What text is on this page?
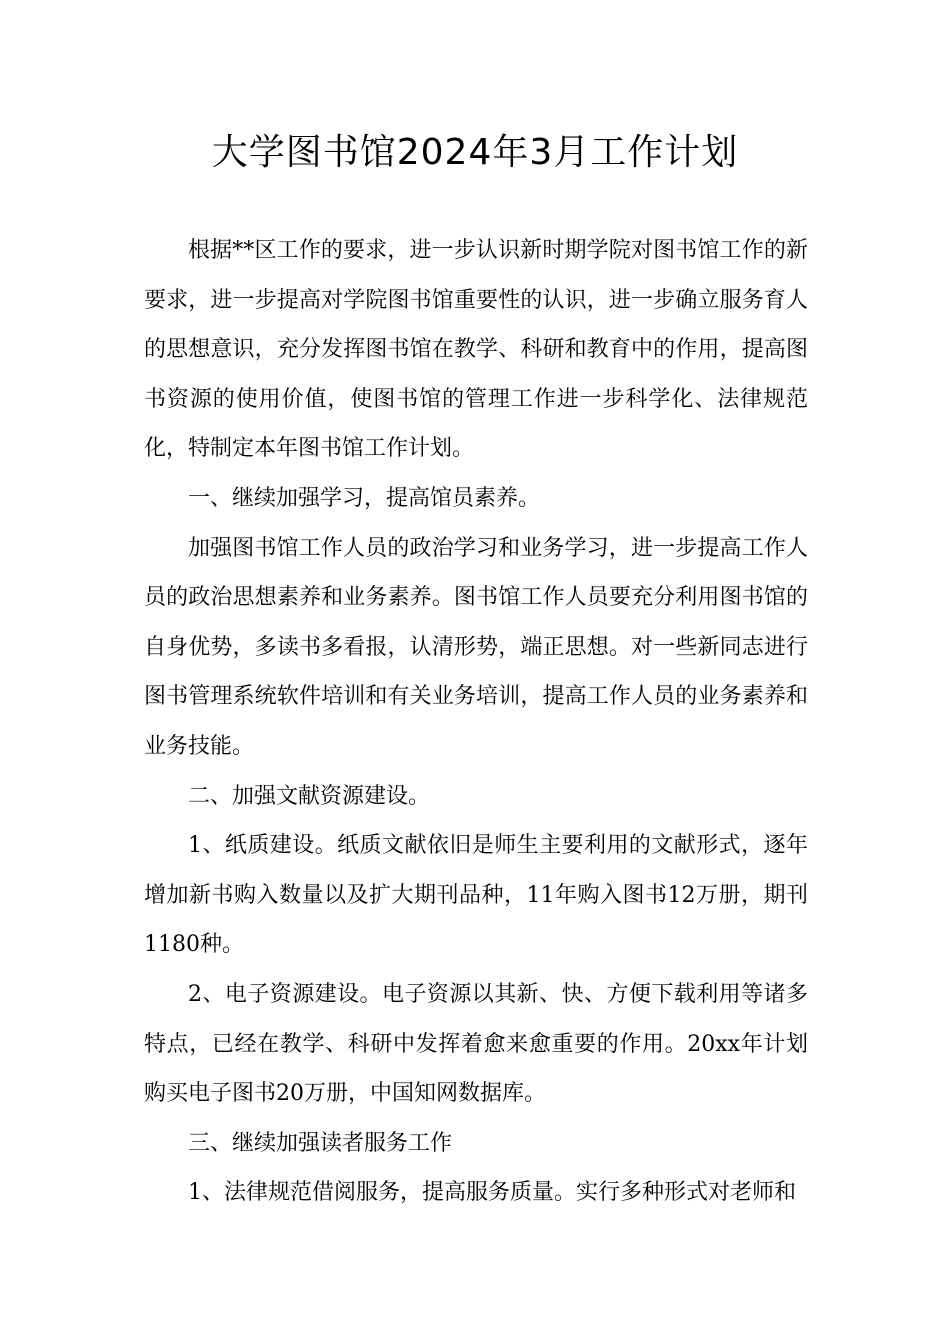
大学图书馆2024年3月工作计划

根据**区工作的要求，进一步认识新时期学院对图书馆工作的新要求，进一步提高对学院图书馆重要性的认识，进一步确立服务育人的思想意识，充分发挥图书馆在教学、科研和教育中的作用，提高图书资源的使用价值，使图书馆的管理工作进一步科学化、法律规范化，特制定本年图书馆工作计划。

一、继续加强学习，提高馆员素养。

加强图书馆工作人员的政治学习和业务学习，进一步提高工作人员的政治思想素养和业务素养。图书馆工作人员要充分利用图书馆的自身优势，多读书多看报，认清形势，端正思想。对一些新同志进行图书管理系统软件培训和有关业务培训，提高工作人员的业务素养和业务技能。

二、加强文献资源建设。

1、纸质建设。纸质文献依旧是师生主要利用的文献形式，逐年增加新书购入数量以及扩大期刊品种，11年购入图书12万册，期刊1180种。

2、电子资源建设。电子资源以其新、快、方便下载利用等诸多特点，已经在教学、科研中发挥着愈来愈重要的作用。20xx年计划购买电子图书20万册，中国知网数据库。

三、继续加强读者服务工作

1、法律规范借阅服务，提高服务质量。实行多种形式对老师和
